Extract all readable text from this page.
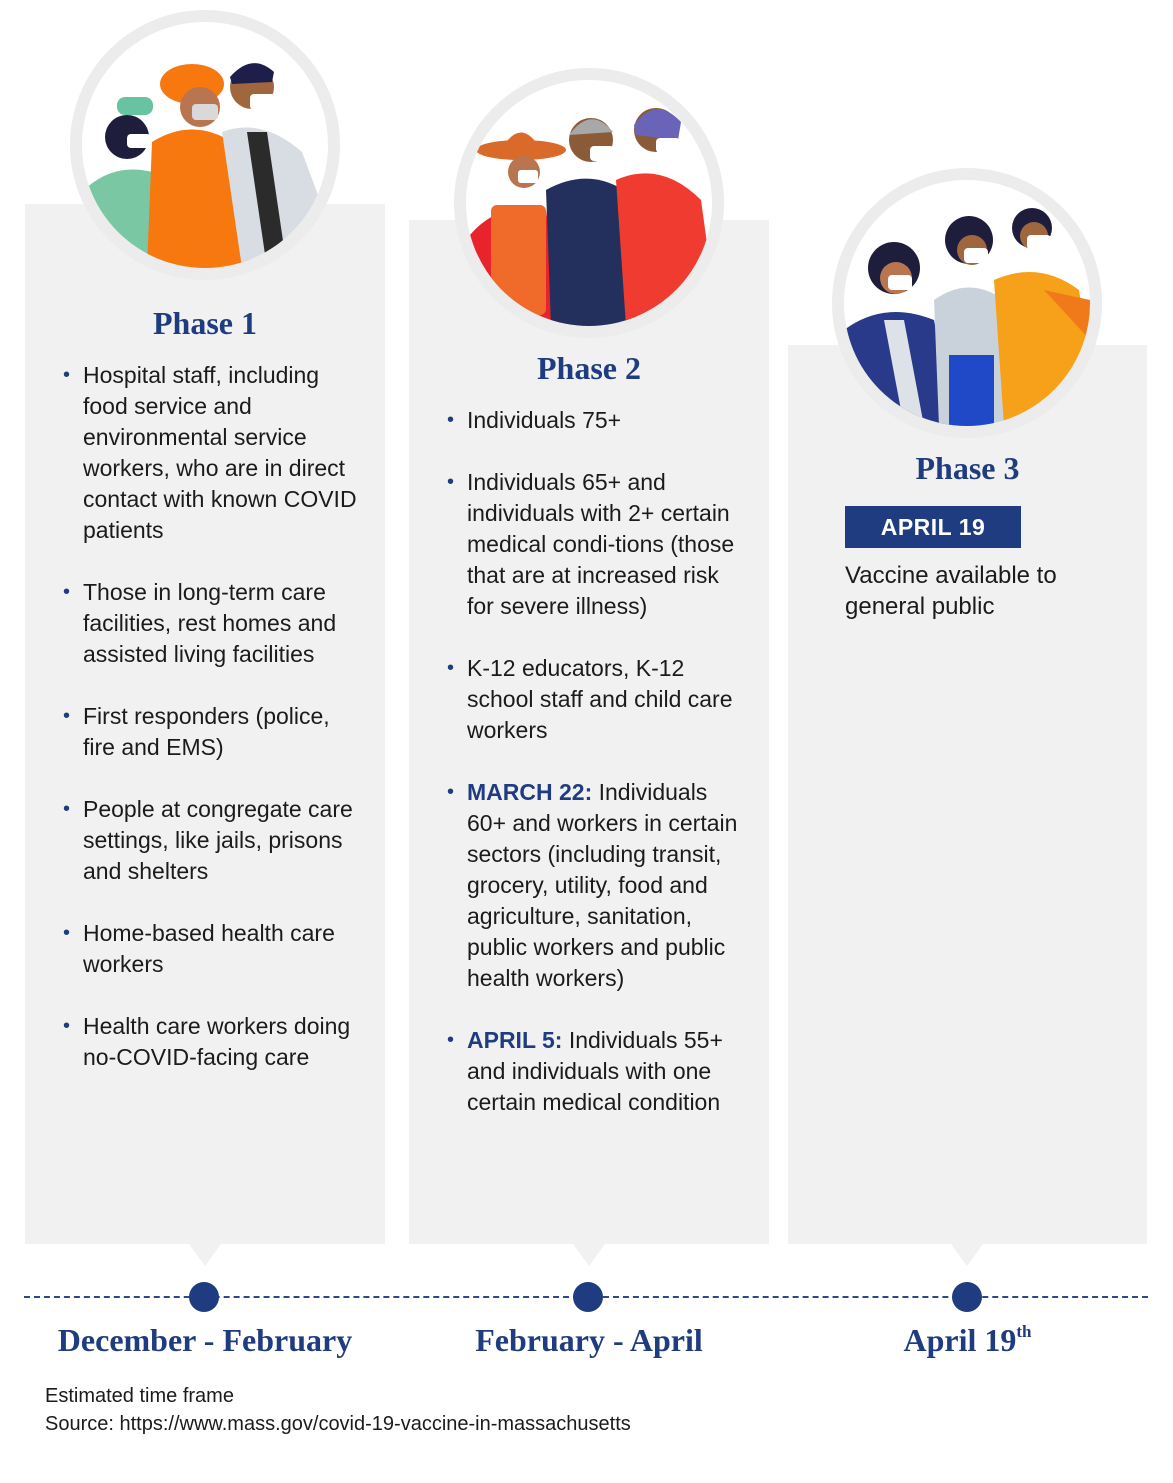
Phase 1
Phase 2
Phase 3
• Hospital staff, including food service and environmental service workers, who are in direct contact with known COVID patients
• Those in long-term care facilities, rest homes and assisted living facilities
• First responders (police, fire and EMS)
• People at congregate care settings, like jails, prisons and shelters
• Home-based health care workers
• Health care workers doing no-COVID-facing care
• Individuals 75+
• Individuals 65+ and individuals with 2+ certain medical condi-tions (those that are at increased risk for severe illness)
• K-12 educators, K-12 school staff and child care workers
• MARCH 22: Individuals 60+ and workers in certain sectors (including transit, grocery, utility, food and agriculture, sanitation, public workers and public health workers)
• APRIL 5: Individuals 55+ and individuals with one certain medical condition
APRIL 19
Vaccine available to general public
December - February	February - April	April 19th
Estimated time frame
Source: https://www.mass.gov/covid-19-vaccine-in-massachusetts
